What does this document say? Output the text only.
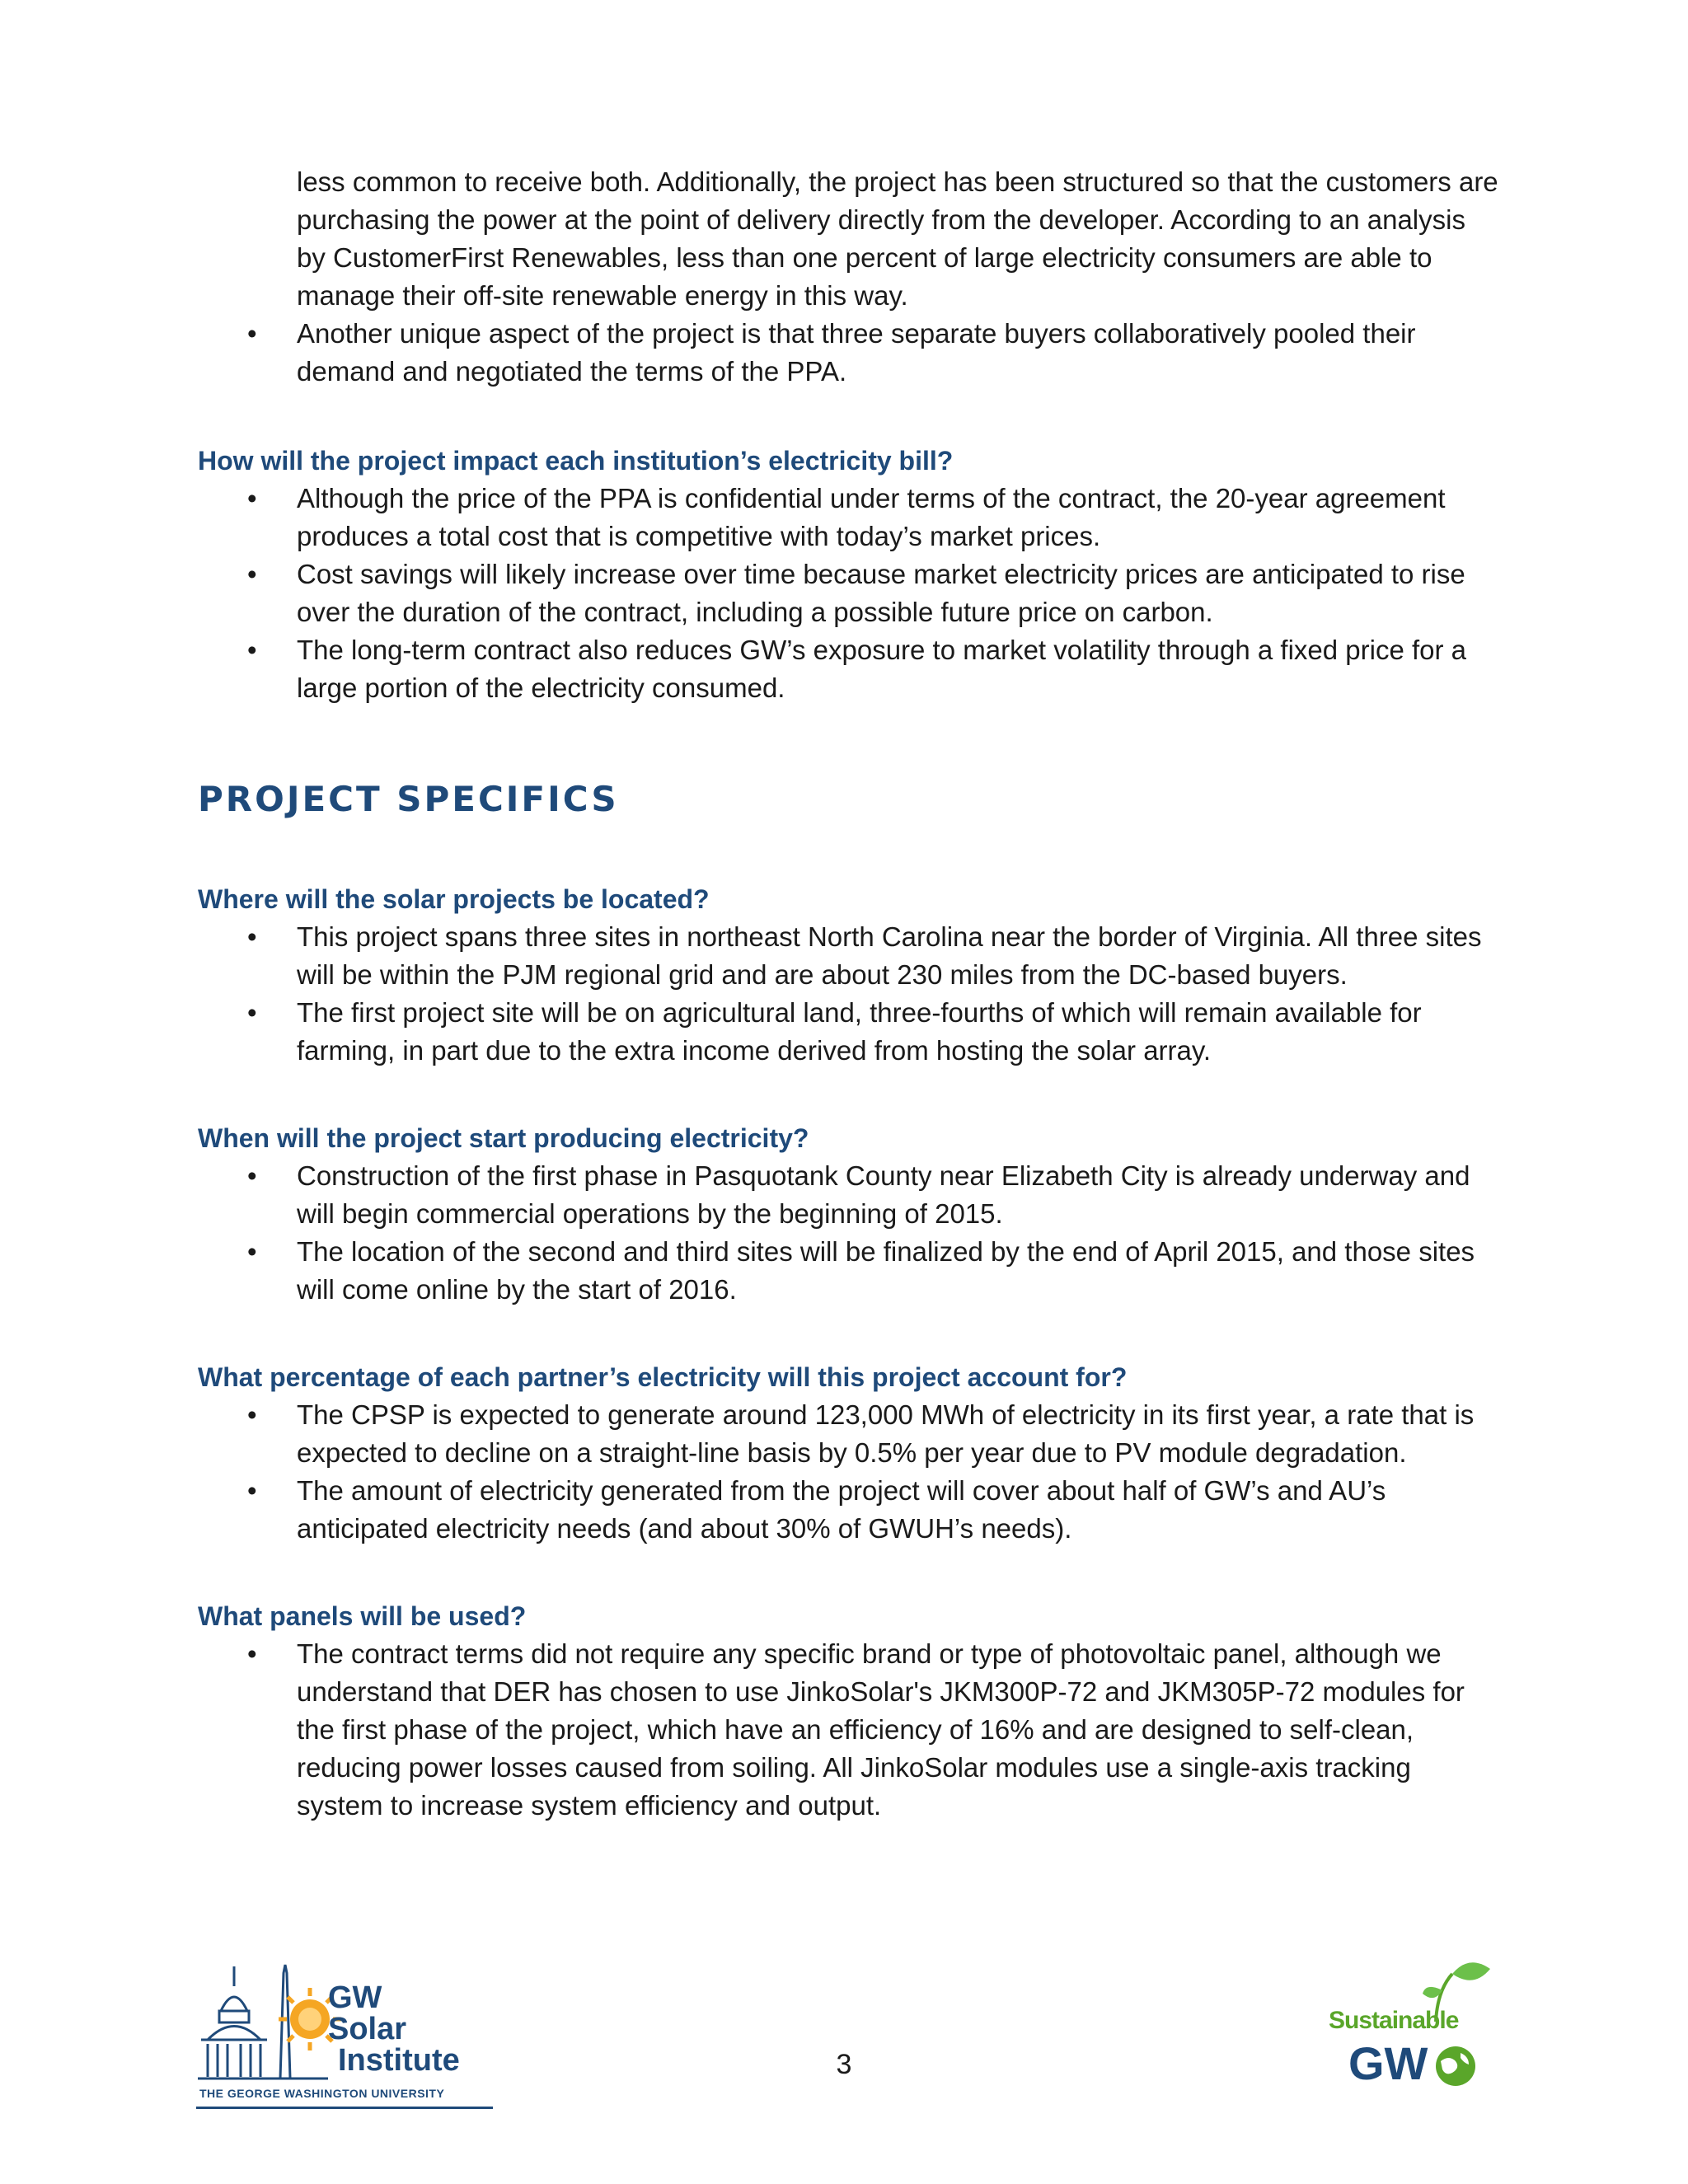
less common to receive both. Additionally, the project has been structured so that the customers are purchasing the power at the point of delivery directly from the developer. According to an analysis by CustomerFirst Renewables, less than one percent of large electricity consumers are able to manage their off-site renewable energy in this way.
• Another unique aspect of the project is that three separate buyers collaboratively pooled their demand and negotiated the terms of the PPA.
How will the project impact each institution’s electricity bill?
• Although the price of the PPA is confidential under terms of the contract, the 20-year agreement produces a total cost that is competitive with today’s market prices.
• Cost savings will likely increase over time because market electricity prices are anticipated to rise over the duration of the contract, including a possible future price on carbon.
• The long-term contract also reduces GW’s exposure to market volatility through a fixed price for a large portion of the electricity consumed.
PROJECT SPECIFICS
Where will the solar projects be located?
• This project spans three sites in northeast North Carolina near the border of Virginia. All three sites will be within the PJM regional grid and are about 230 miles from the DC-based buyers.
• The first project site will be on agricultural land, three-fourths of which will remain available for farming, in part due to the extra income derived from hosting the solar array.
When will the project start producing electricity?
• Construction of the first phase in Pasquotank County near Elizabeth City is already underway and will begin commercial operations by the beginning of 2015.
• The location of the second and third sites will be finalized by the end of April 2015, and those sites will come online by the start of 2016.
What percentage of each partner’s electricity will this project account for?
• The CPSP is expected to generate around 123,000 MWh of electricity in its first year, a rate that is expected to decline on a straight-line basis by 0.5% per year due to PV module degradation.
• The amount of electricity generated from the project will cover about half of GW’s and AU’s anticipated electricity needs (and about 30% of GWUH’s needs).
What panels will be used?
• The contract terms did not require any specific brand or type of photovoltaic panel, although we understand that DER has chosen to use JinkoSolar's JKM300P-72 and JKM305P-72 modules for the first phase of the project, which have an efficiency of 16% and are designed to self-clean, reducing power losses caused from soiling. All JinkoSolar modules use a single-axis tracking system to increase system efficiency and output.
GW
Solar
Institute
THE GEORGE WASHINGTON UNIVERSITY
3
Sustainable
GW
